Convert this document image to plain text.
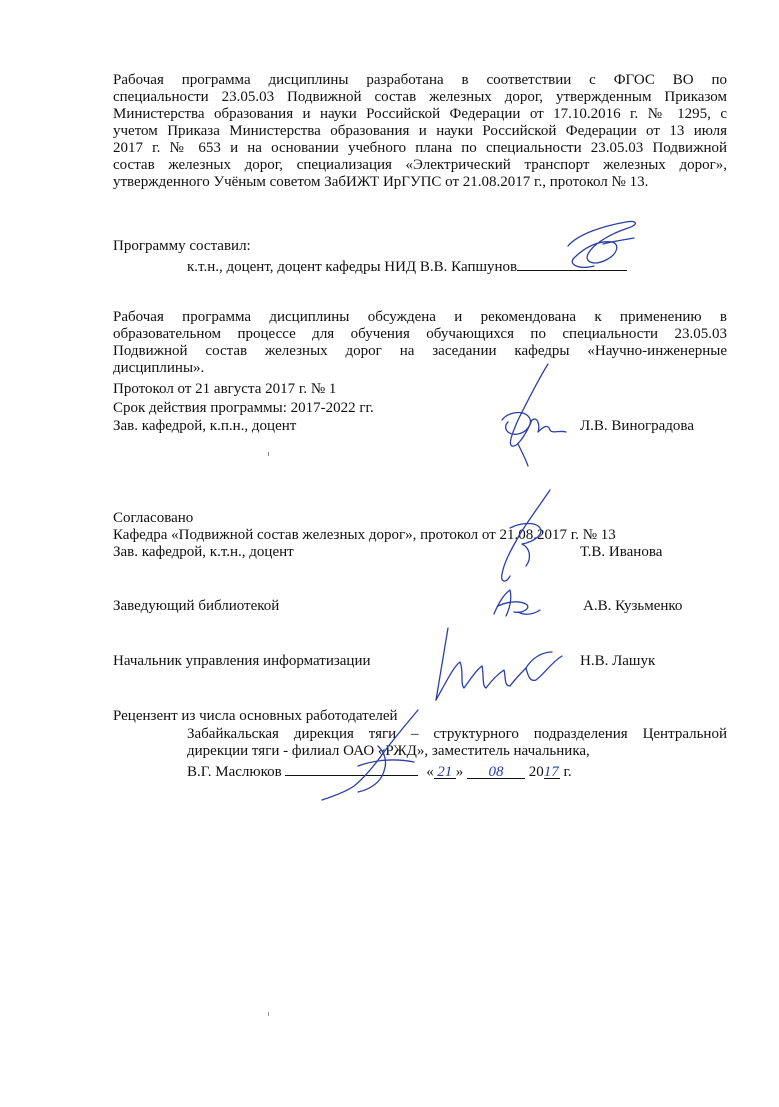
Рабочая программа дисциплины разработана в соответствии с ФГОС ВО по
специальности 23.05.03 Подвижной состав железных дорог, утвержденным Приказом
Министерства образования и науки Российской Федерации от 17.10.2016 г. № 1295, с
учетом Приказа Министерства образования и науки Российской Федерации от 13 июля
2017 г. № 653 и на основании учебного плана по специальности 23.05.03 Подвижной
состав железных дорог, специализация «Электрический транспорт железных дорог»,
утвержденного Учёным советом ЗабИЖТ ИрГУПС от 21.08.2017 г., протокол № 13.
Программу составил:
к.т.н., доцент, доцент кафедры НИД В.В. Капшунов
Рабочая программа дисциплины обсуждена и рекомендована к применению в
образовательном процессе для обучения обучающихся по специальности 23.05.03
Подвижной состав железных дорог на заседании кафедры «Научно-инженерные
дисциплины».
Протокол от 21 августа 2017 г. № 1
Срок действия программы: 2017-2022 гг.
Зав. кафедрой, к.п.н., доцент	Л.В. Виноградова
Согласовано
Кафедра «Подвижной состав железных дорог», протокол от 21.08.2017 г. № 13
Зав. кафедрой, к.т.н., доцент	Т.В. Иванова
Заведующий библиотекой	А.В. Кузьменко
Начальник управления информатизации	Н.В. Лашук
Рецензент из числа основных работодателей
Забайкальская дирекция тяги – структурного подразделения Центральной
дирекции тяги - филиал ОАО «РЖД», заместитель начальника,
В.Г. Маслюков	« 21 » 08 2017 г.
